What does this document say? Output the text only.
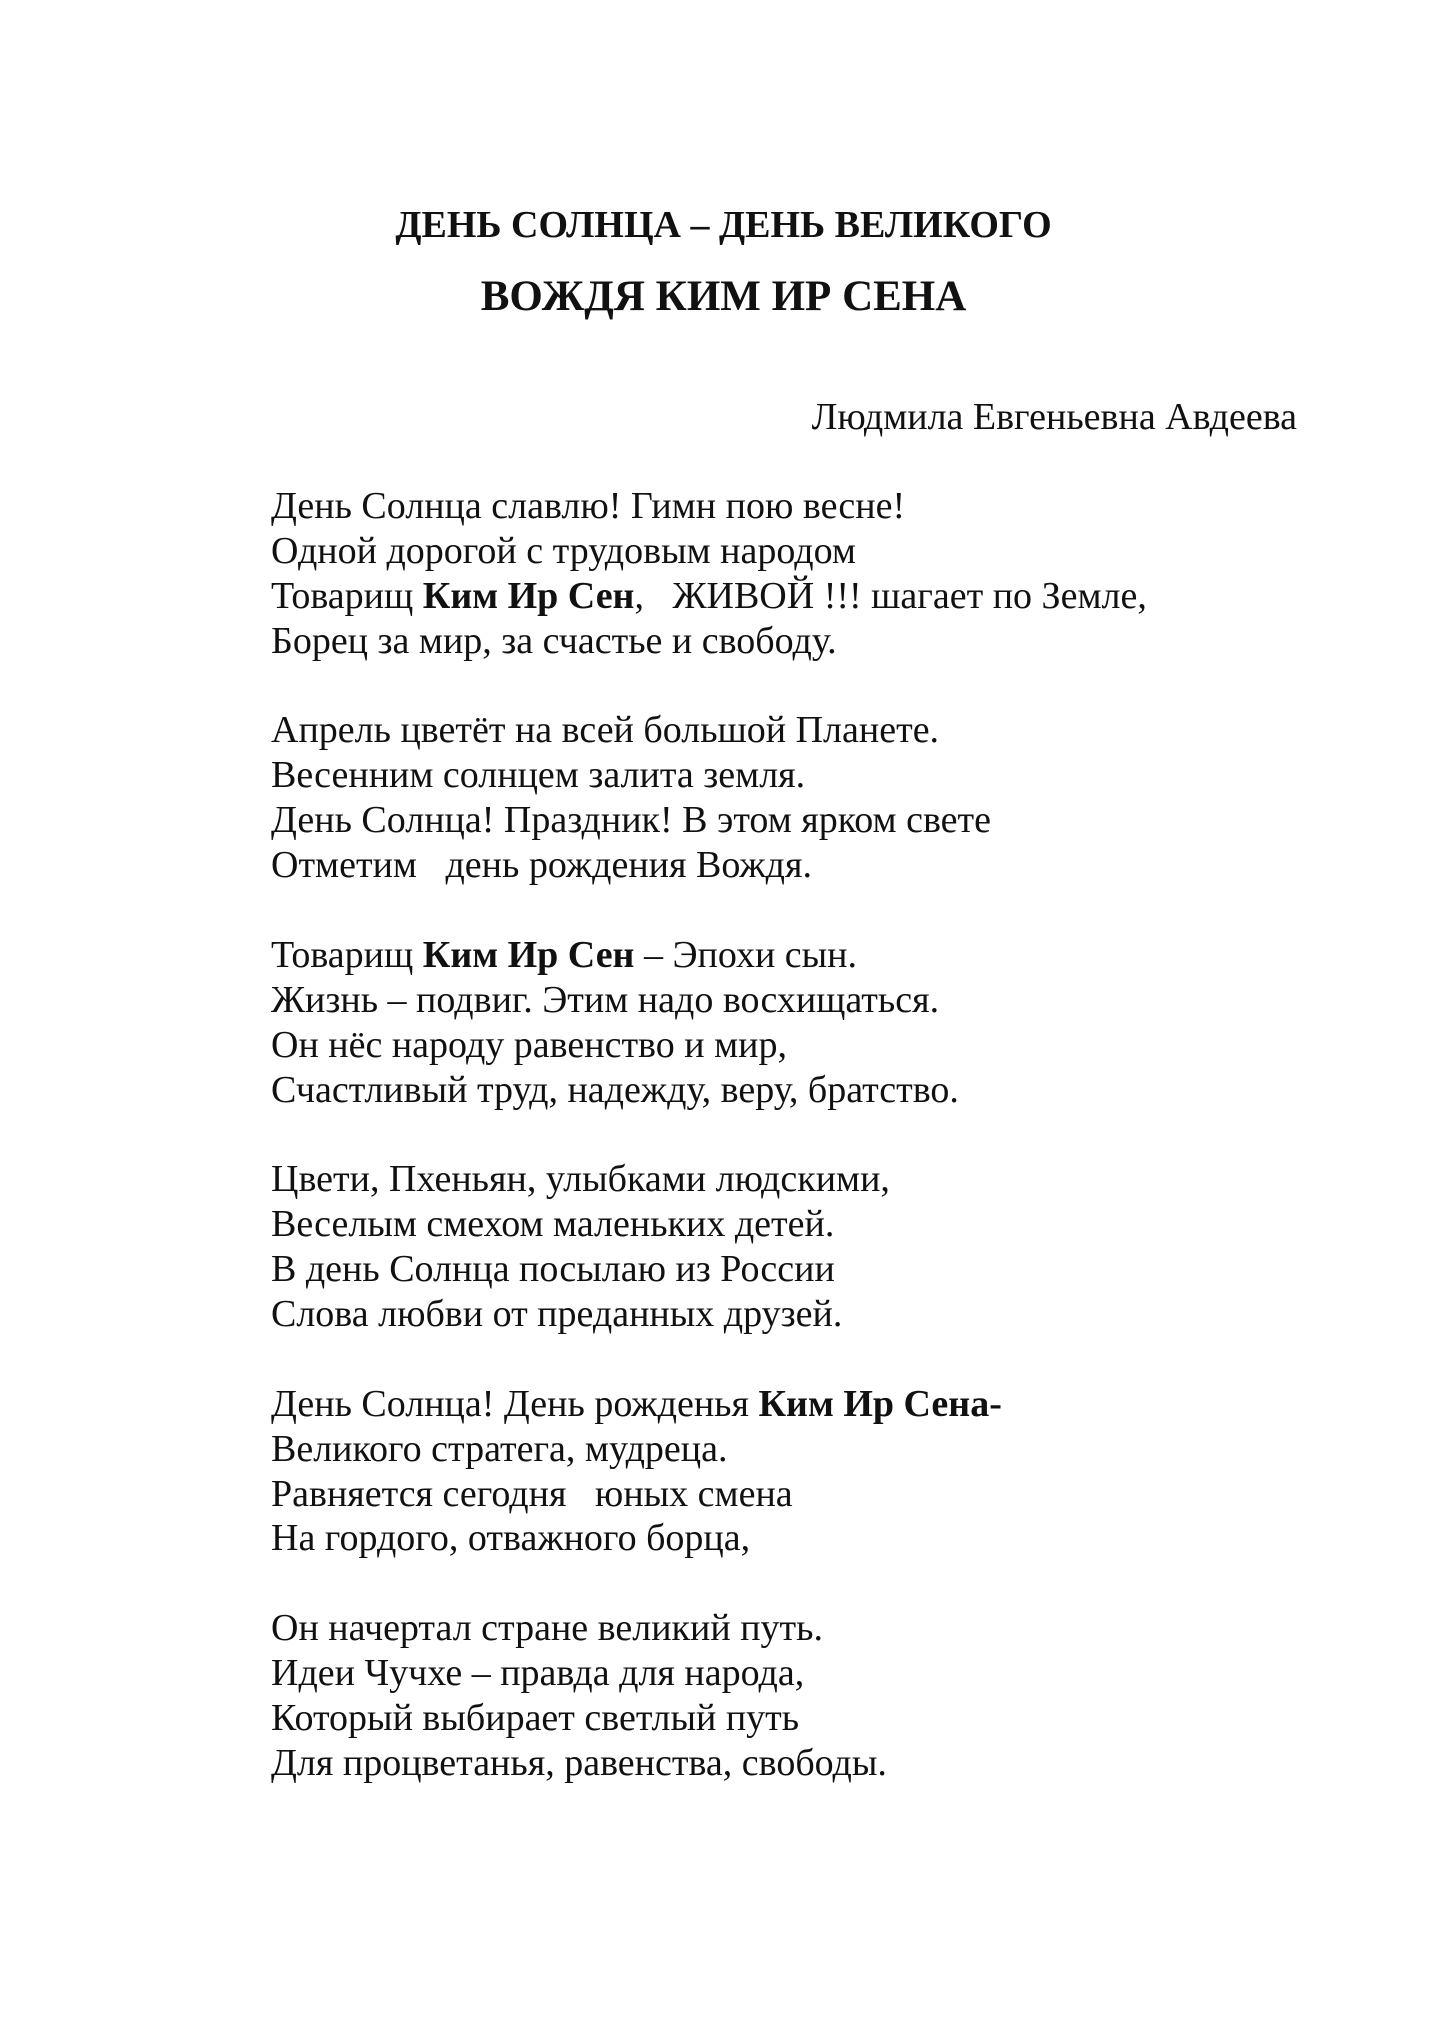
ДЕНЬ СОЛНЦА – ДЕНЬ ВЕЛИКОГО
ВОЖДЯ КИМ ИР СЕНА
Людмила Евгеньевна Авдеева
День Солнца славлю! Гимн пою весне!
Одной дорогой с трудовым народом
Товарищ Ким Ир Сен,   ЖИВОЙ !!! шагает по Земле,
Борец за мир, за счастье и свободу.
Апрель цветёт на всей большой Планете.
Весенним солнцем залита земля.
День Солнца! Праздник! В этом ярком свете
Отметим   день рождения Вождя.
Товарищ Ким Ир Сен – Эпохи сын.
Жизнь – подвиг. Этим надо восхищаться.
Он нёс народу равенство и мир,
Счастливый труд, надежду, веру, братство.
Цвети, Пхеньян, улыбками людскими,
Веселым смехом маленьких детей.
В день Солнца посылаю из России
Слова любви от преданных друзей.
День Солнца! День рожденья Ким Ир Сена-
Великого стратега, мудреца.
Равняется сегодня   юных смена
На гордого, отважного борца,
Он начертал стране великий путь.
Идеи Чучхе – правда для народа,
Который выбирает светлый путь
Для процветанья, равенства, свободы.
